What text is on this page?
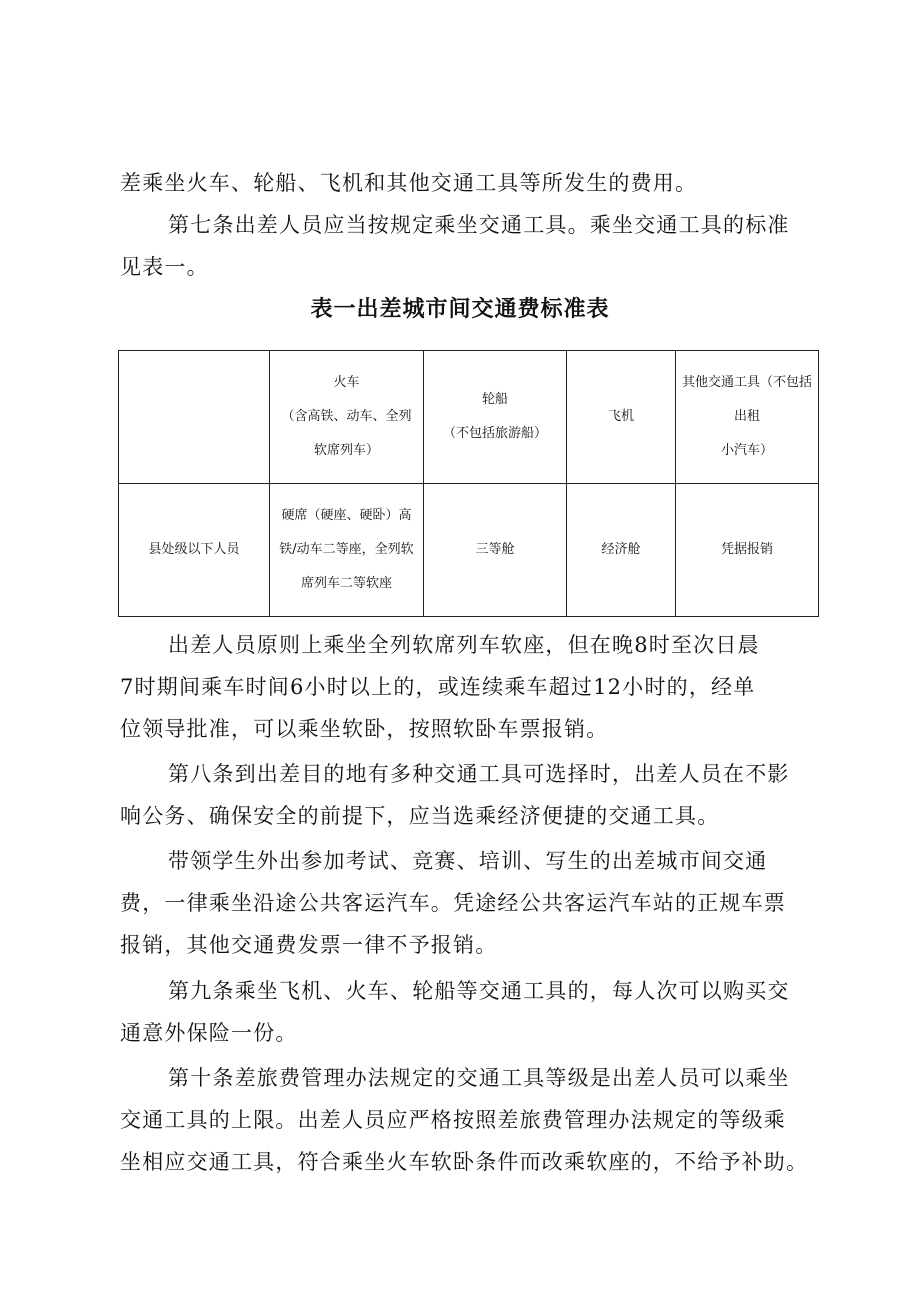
差乘坐火车、轮船、飞机和其他交通工具等所发生的费用。
第七条出差人员应当按规定乘坐交通工具。乘坐交通工具的标准
见表一。
表一出差城市间交通费标准表

	火车
（含高铁、动车、全列
软席列车）	轮船
（不包括旅游船）	飞机	其他交通工具（不包括
出租
小汽车）

县处级以下人员	硬席（硬座、硬卧）高
铁/动车二等座，全列软
席列车二等软座	三等舱	经济舱	凭据报销
出差人员原则上乘坐全列软席列车软座，但在晚8时至次日晨
7时期间乘车时间6小时以上的，或连续乘车超过12小时的，经单
位领导批准，可以乘坐软卧，按照软卧车票报销。
第八条到出差目的地有多种交通工具可选择时，出差人员在不影
响公务、确保安全的前提下，应当选乘经济便捷的交通工具。
带领学生外出参加考试、竞赛、培训、写生的出差城市间交通
费，一律乘坐沿途公共客运汽车。凭途经公共客运汽车站的正规车票
报销，其他交通费发票一律不予报销。
第九条乘坐飞机、火车、轮船等交通工具的，每人次可以购买交
通意外保险一份。
第十条差旅费管理办法规定的交通工具等级是出差人员可以乘坐
交通工具的上限。出差人员应严格按照差旅费管理办法规定的等级乘
坐相应交通工具，符合乘坐火车软卧条件而改乘软座的，不给予补助。
